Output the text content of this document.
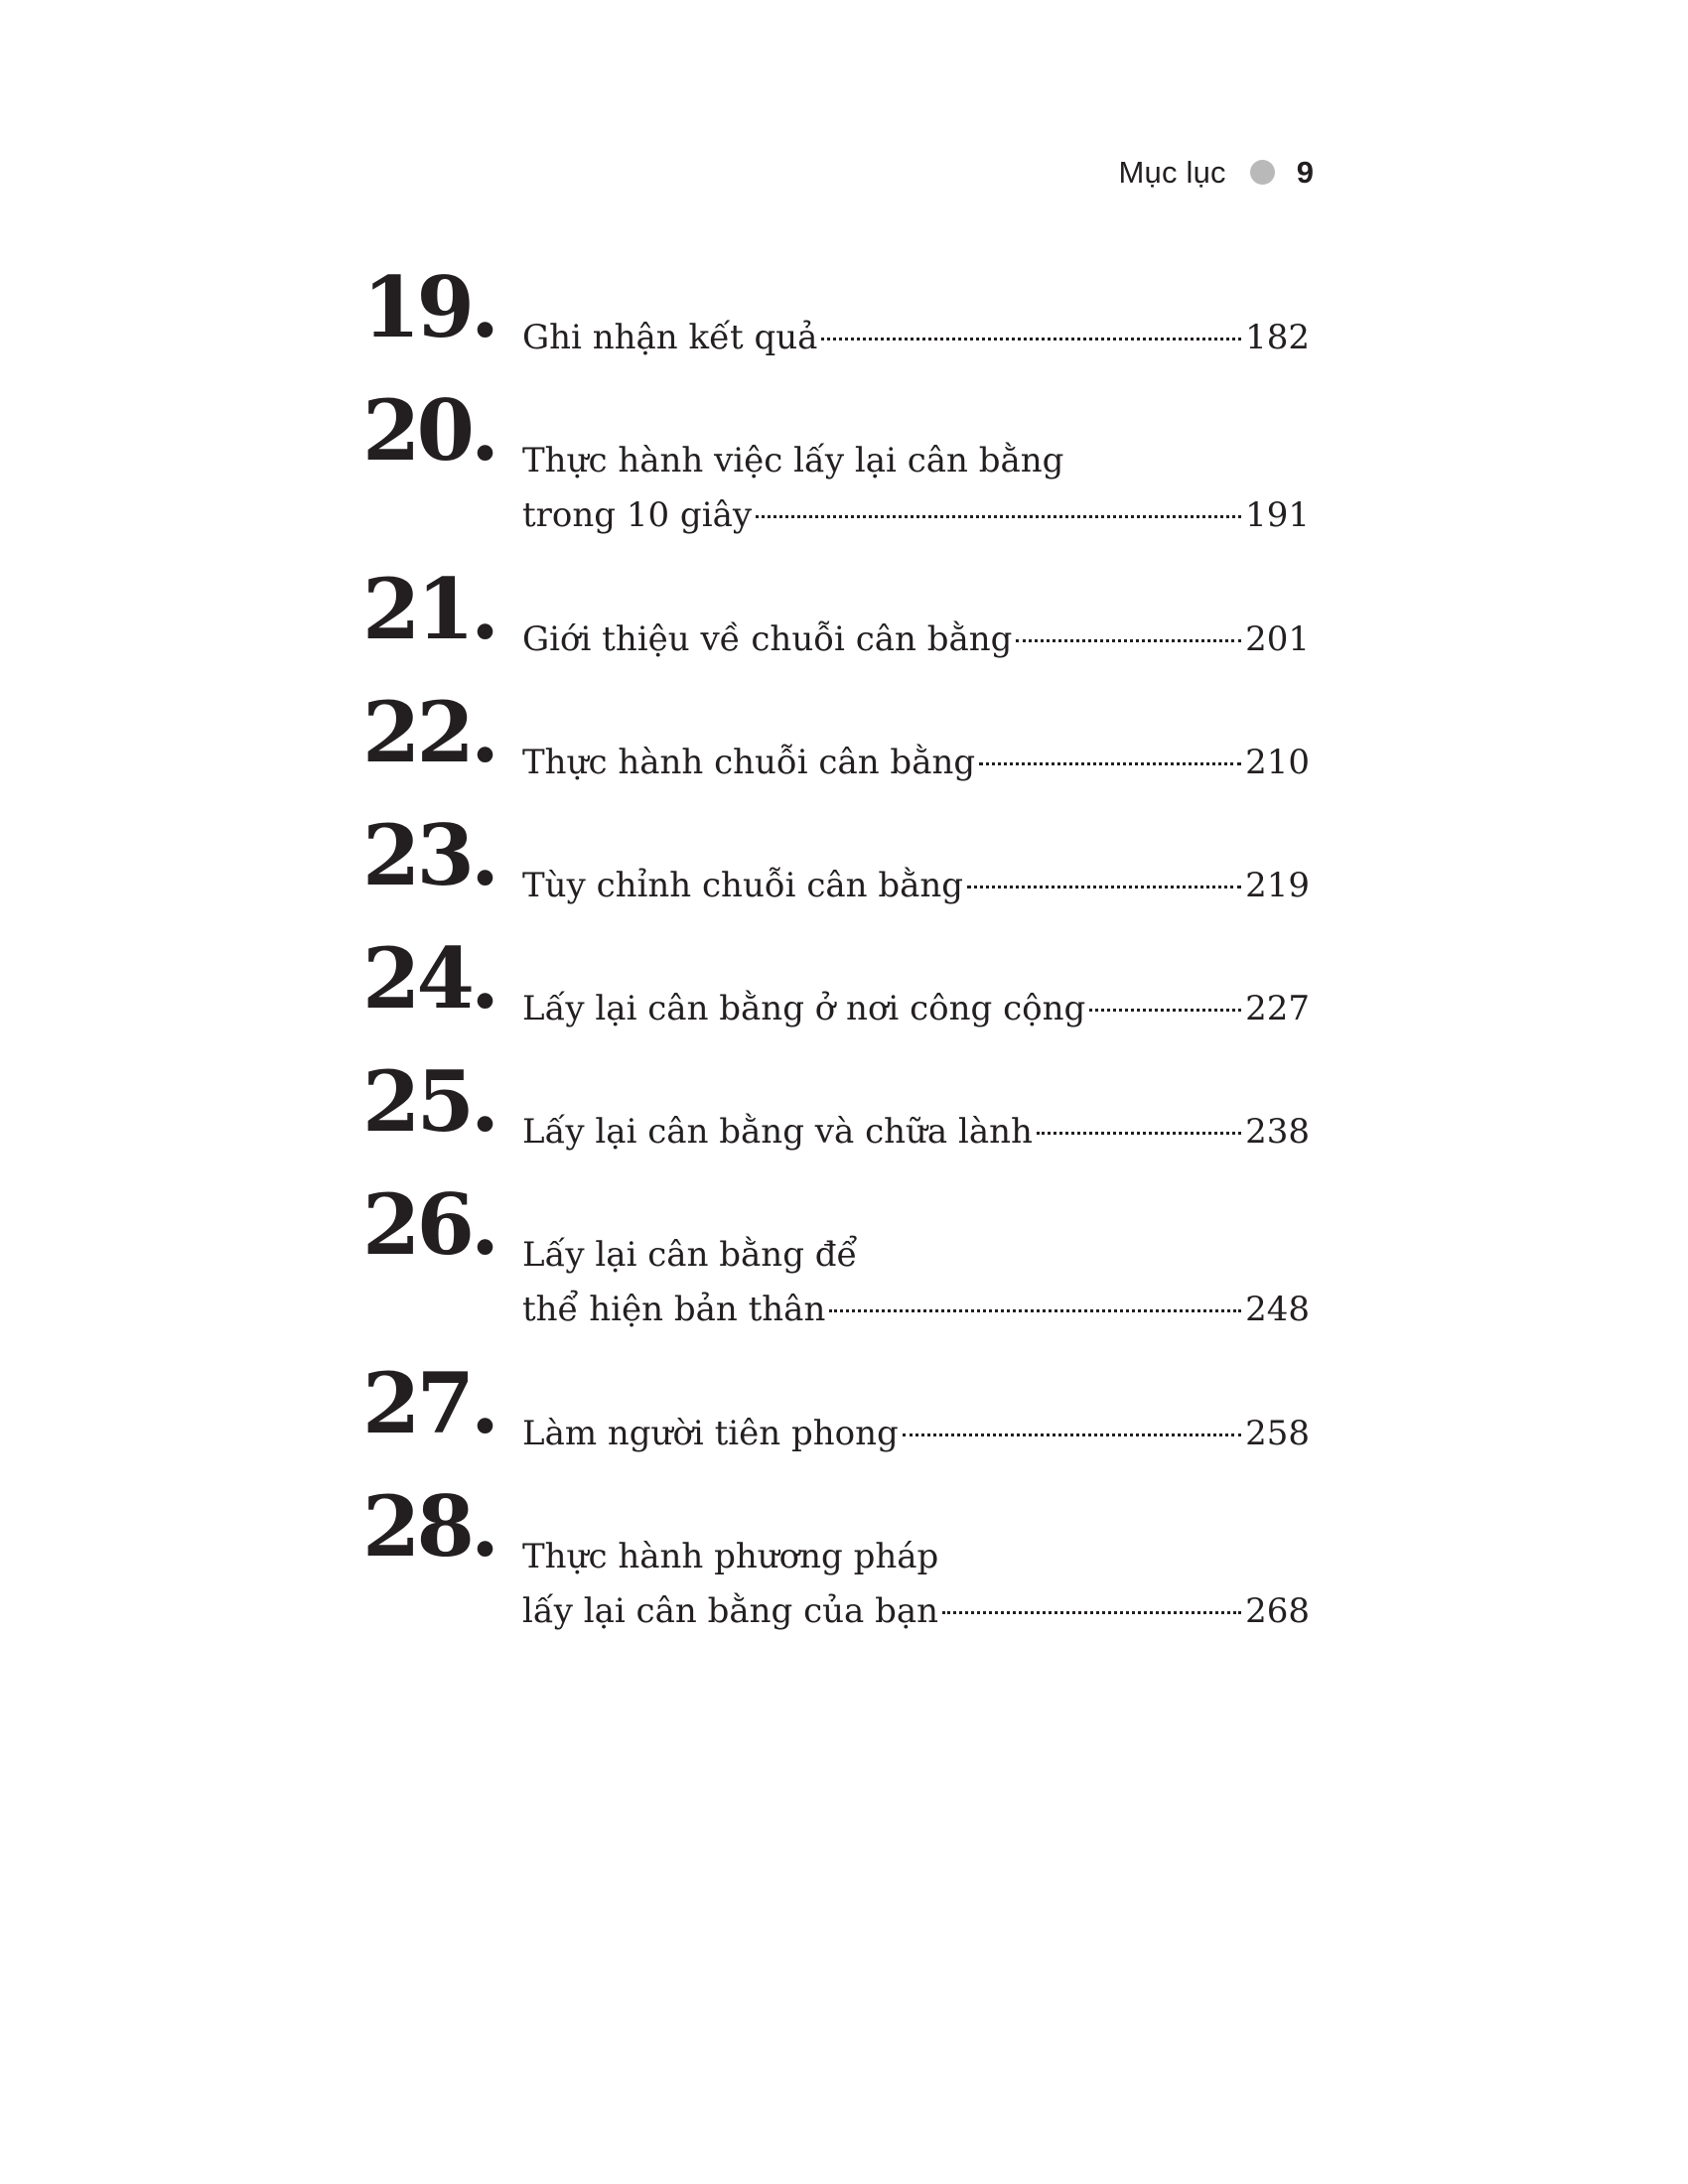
Mục lục 9
19. Ghi nhận kết quả	182
20. Thực hành việc lấy lại cân bằng
trong 10 giây	191
21. Giới thiệu về chuỗi cân bằng	201
22. Thực hành chuỗi cân bằng	210
23. Tùy chỉnh chuỗi cân bằng	219
24. Lấy lại cân bằng ở nơi công cộng	227
25. Lấy lại cân bằng và chữa lành	238
26. Lấy lại cân bằng để
thể hiện bản thân	248
27. Làm người tiên phong	258
28. Thực hành phương pháp
lấy lại cân bằng của bạn	268
